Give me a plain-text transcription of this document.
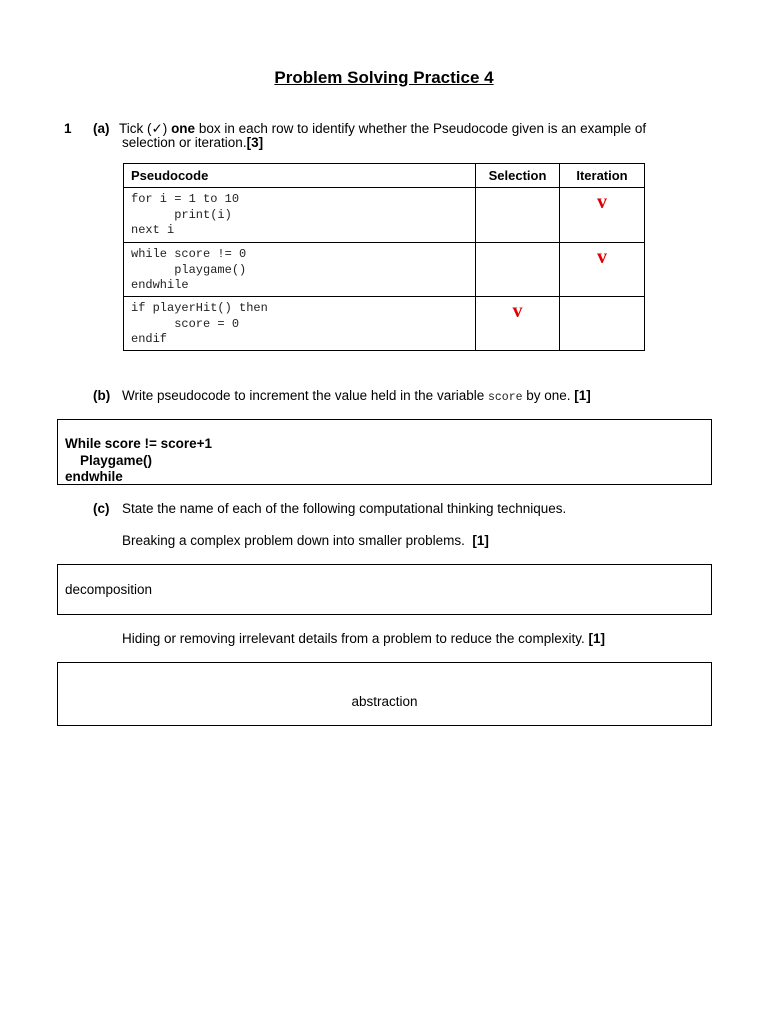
Problem Solving Practice 4
1 (a) Tick (✓) one box in each row to identify whether the Pseudocode given is an example of
selection or iteration.[3]
Pseudocode	Selection	Iteration

for i = 1 to 10
print(i)
next i		v

while score != 0
playgame()
endwhile		v

if playerHit() then
score = 0
endif	v	
(b) Write pseudocode to increment the value held in the variable score by one. [1]
While score != score+1
Playgame()
endwhile
(c) State the name of each of the following computational thinking techniques.
Breaking a complex problem down into smaller problems. [1]
decomposition
Hiding or removing irrelevant details from a problem to reduce the complexity. [1]
abstraction
